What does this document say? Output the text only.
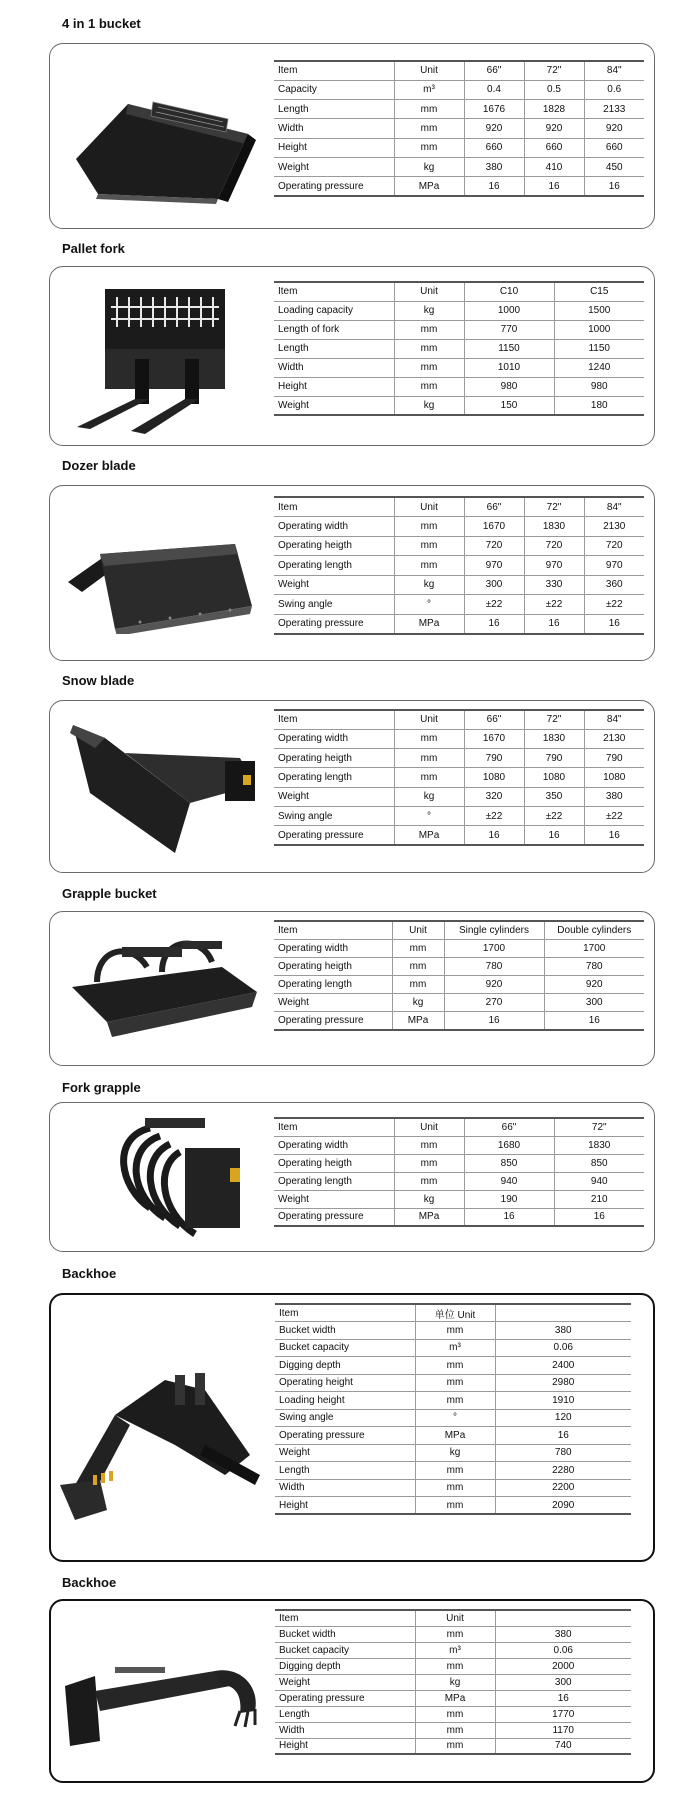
4 in 1 bucket
Pallet fork
Dozer blade
Snow blade
Grapple bucket
Fork grapple
Backhoe
Backhoe
Item	Unit	66"	72"	84"
Capacity	m³	0.4	0.5	0.6
Length	mm	1676	1828	2133
Width	mm	920	920	920
Height	mm	660	660	660
Weight	kg	380	410	450
Operating pressure	MPa	16	16	16
Item	Unit	C10	C15
Loading capacity	kg	1000	1500
Length of fork	mm	770	1000
Length	mm	1150	1150
Width	mm	1010	1240
Height	mm	980	980
Weight	kg	150	180
Item	Unit	66"	72"	84"
Operating width	mm	1670	1830	2130
Operating heigth	mm	720	720	720
Operating length	mm	970	970	970
Weight	kg	300	330	360
Swing angle	°	±22	±22	±22
Operating pressure	MPa	16	16	16
Item	Unit	66"	72"	84"
Operating width	mm	1670	1830	2130
Operating heigth	mm	790	790	790
Operating length	mm	1080	1080	1080
Weight	kg	320	350	380
Swing angle	°	±22	±22	±22
Operating pressure	MPa	16	16	16
Item	Unit	Single cylinders	Double cylinders
Operating width	mm	1700	1700
Operating heigth	mm	780	780
Operating length	mm	920	920
Weight	kg	270	300
Operating pressure	MPa	16	16
Item	Unit	66"	72"
Operating width	mm	1680	1830
Operating heigth	mm	850	850
Operating length	mm	940	940
Weight	kg	190	210
Operating pressure	MPa	16	16
Item	单位 Unit	
Bucket width	mm	380
Bucket capacity	m³	0.06
Digging depth	mm	2400
Operating height	mm	2980
Loading height	mm	1910
Swing angle	°	120
Operating pressure	MPa	16
Weight	kg	780
Length	mm	2280
Width	mm	2200
Height	mm	2090
Item	Unit	
Bucket width	mm	380
Bucket capacity	m³	0.06
Digging depth	mm	2000
Weight	kg	300
Operating pressure	MPa	16
Length	mm	1770
Width	mm	1170
Height	mm	740
